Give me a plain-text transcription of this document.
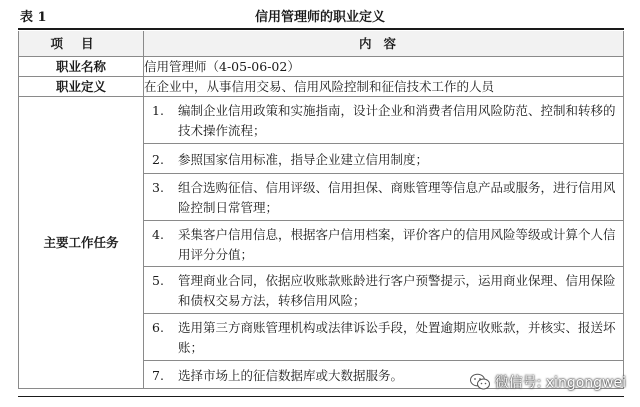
表 1	信用管理师的职业定义
项目	内容
职业名称	信用管理师（4-05-06-02）
职业定义	在企业中，从事信用交易、信用风险控制和征信技术工作的人员
主要工作任务	1. 编制企业信用政策和实施指南，设计企业和消费者信用风险防范、控制和转移的技术操作流程；

	2. 参照国家信用标准，指导企业建立信用制度；

	3. 组合选购征信、信用评级、信用担保、商账管理等信息产品或服务，进行信用风险控制日常管理；

	4. 采集客户信用信息，根据客户信用档案，评价客户的信用风险等级或计算个人信用评分分值；

	5. 管理商业合同，依据应收账款账龄进行客户预警提示，运用商业保理、信用保险和债权交易方法，转移信用风险；

	6. 选用第三方商账管理机构或法律诉讼手段，处置逾期应收账款，并核实、报送坏账；

	7. 选择市场上的征信数据库或大数据服务。	微信号: xingongwei
